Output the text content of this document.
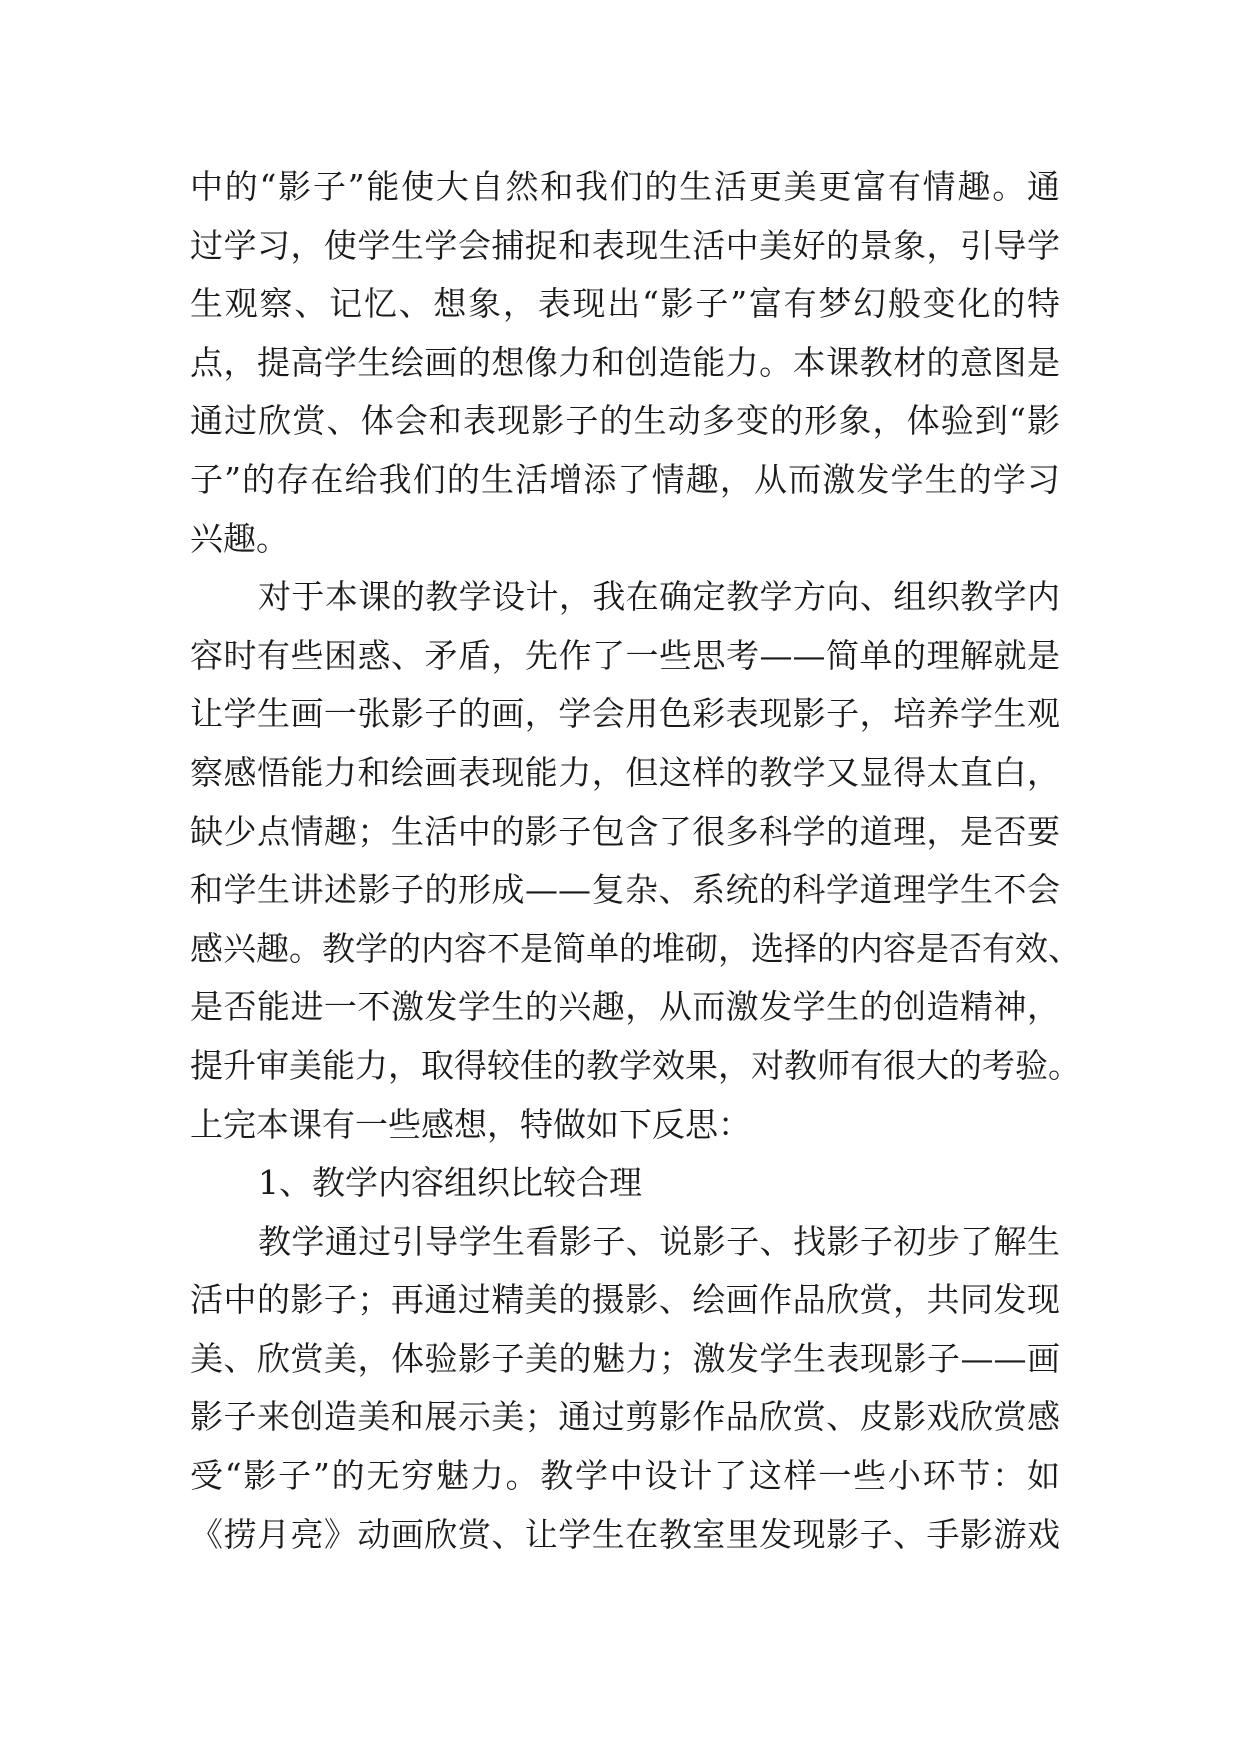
中的“影子”能使大自然和我们的生活更美更富有情趣。通
过学习，使学生学会捕捉和表现生活中美好的景象，引导学
生观察、记忆、想象，表现出“影子”富有梦幻般变化的特
点，提高学生绘画的想像力和创造能力。本课教材的意图是
通过欣赏、体会和表现影子的生动多变的形象，体验到“影
子”的存在给我们的生活增添了情趣，从而激发学生的学习
兴趣。
对于本课的教学设计，我在确定教学方向、组织教学内
容时有些困惑、矛盾，先作了一些思考——简单的理解就是
让学生画一张影子的画，学会用色彩表现影子，培养学生观
察感悟能力和绘画表现能力，但这样的教学又显得太直白，
缺少点情趣；生活中的影子包含了很多科学的道理，是否要
和学生讲述影子的形成——复杂、系统的科学道理学生不会
感兴趣。教学的内容不是简单的堆砌，选择的内容是否有效、
是否能进一不激发学生的兴趣，从而激发学生的创造精神，
提升审美能力，取得较佳的教学效果，对教师有很大的考验。
上完本课有一些感想，特做如下反思：
1、教学内容组织比较合理
教学通过引导学生看影子、说影子、找影子初步了解生
活中的影子；再通过精美的摄影、绘画作品欣赏，共同发现
美、欣赏美，体验影子美的魅力；激发学生表现影子——画
影子来创造美和展示美；通过剪影作品欣赏、皮影戏欣赏感
受“影子”的无穷魅力。教学中设计了这样一些小环节：如
《捞月亮》动画欣赏、让学生在教室里发现影子、手影游戏
